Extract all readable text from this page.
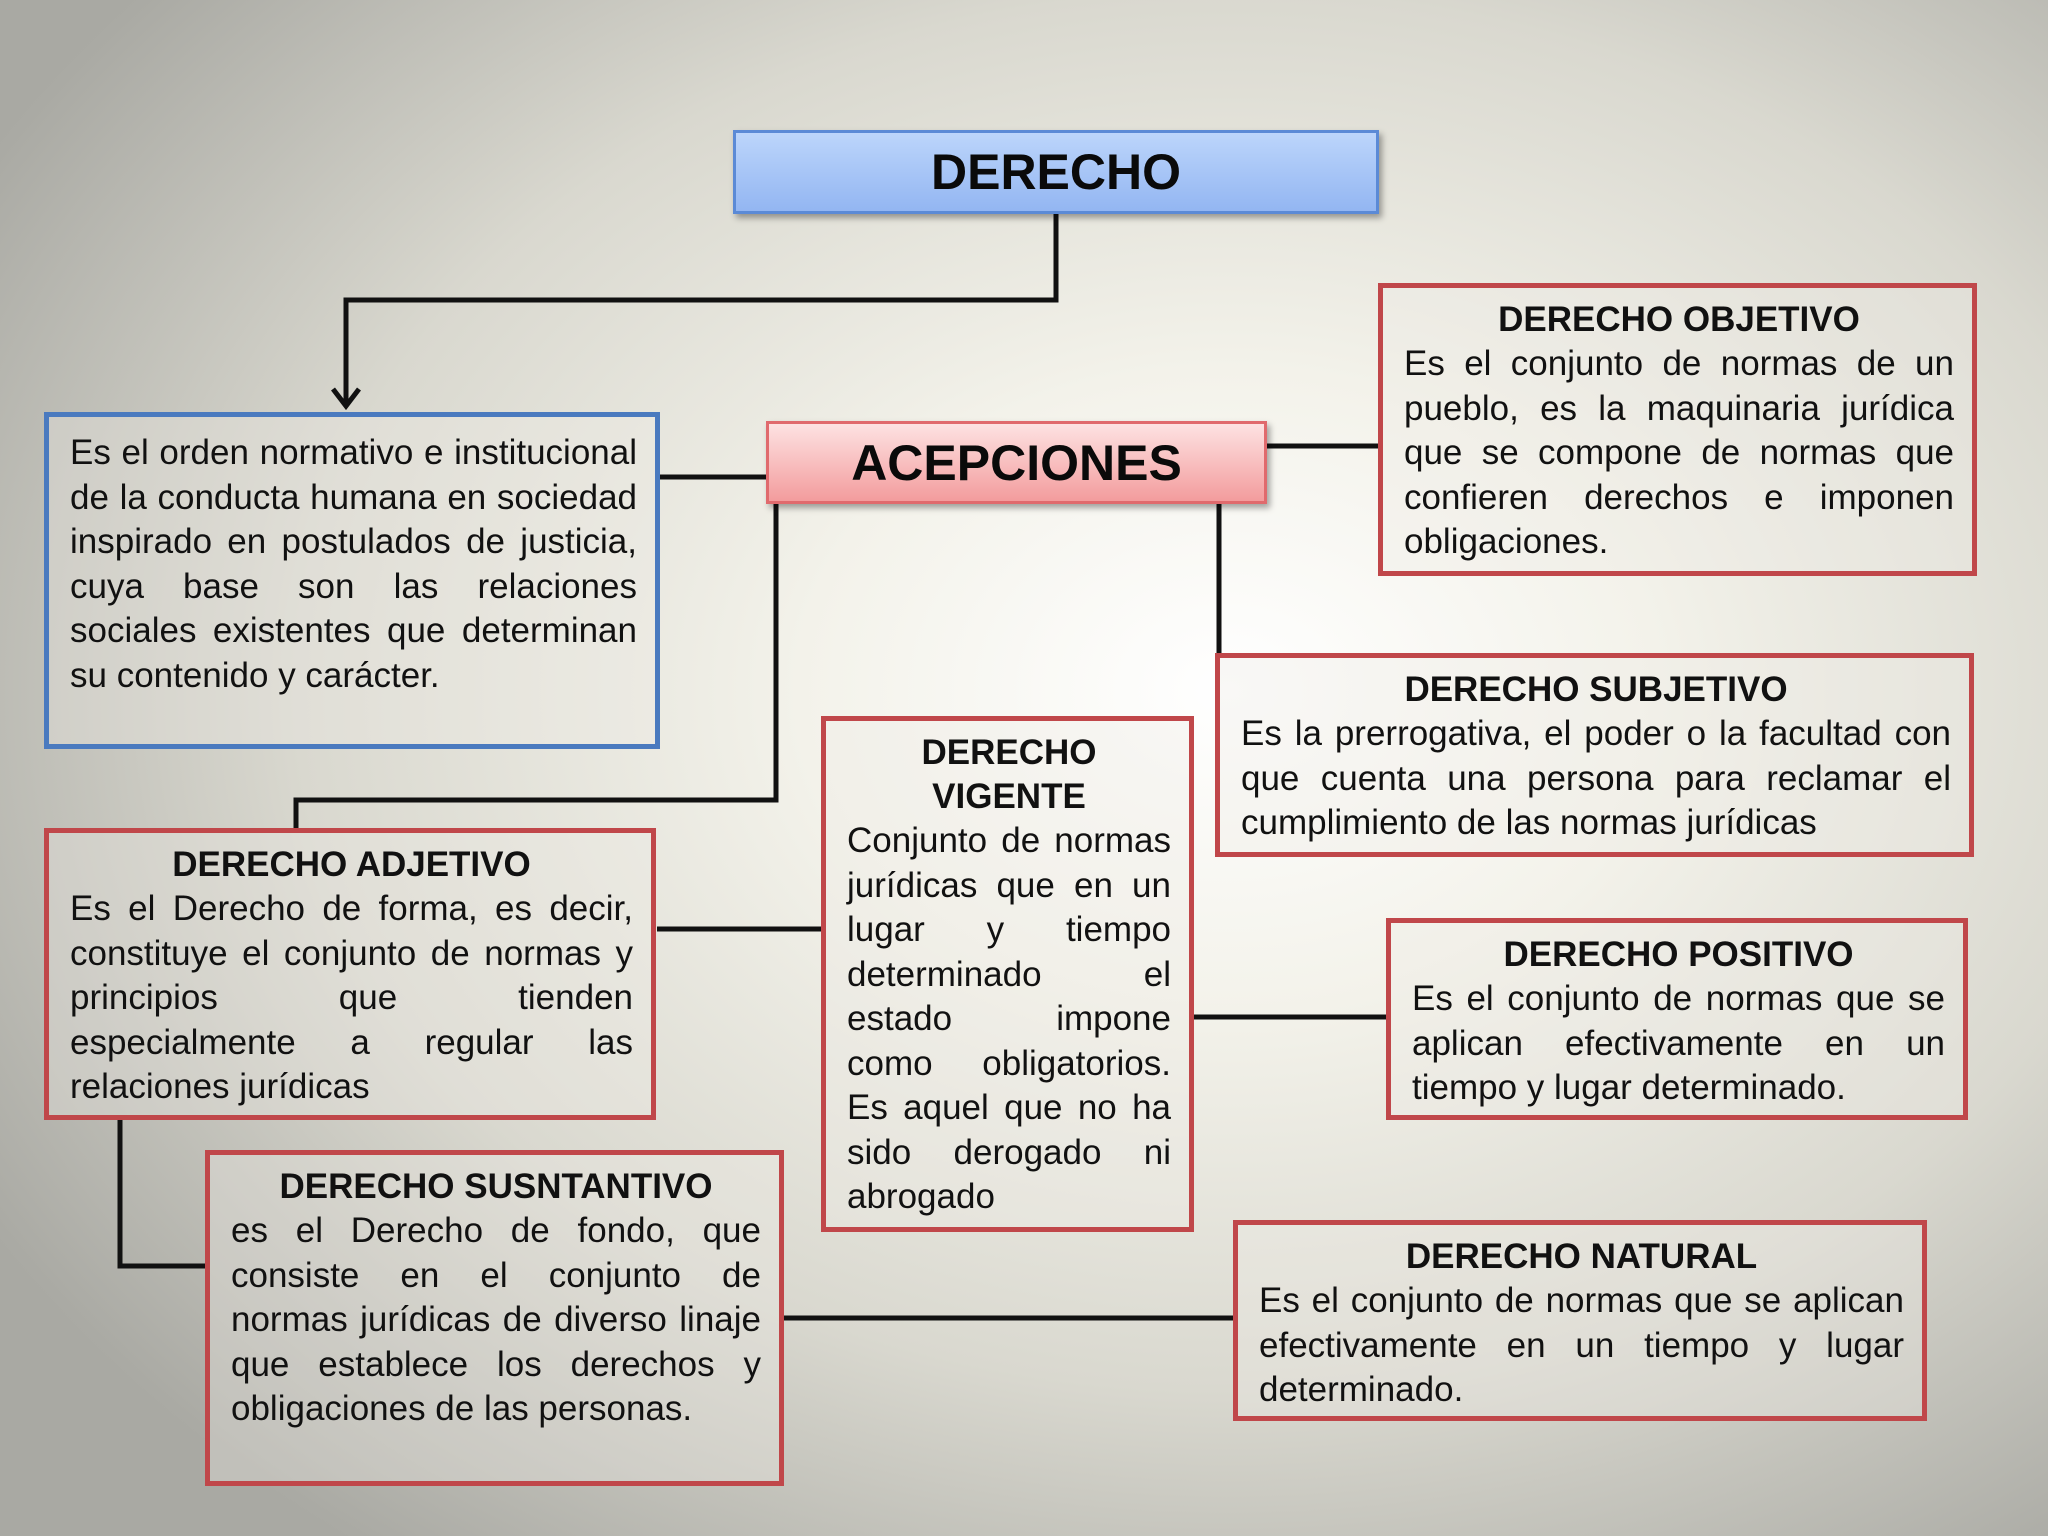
DERECHO
ACEPCIONES
Es el orden normativo e institucional de la conducta humana en sociedad inspirado en postulados de justicia, cuya base son las relaciones sociales existentes que determinan su contenido y carácter.
DERECHO OBJETIVO
Es el conjunto de normas de un pueblo, es la maquinaria jurídica que se compone de normas que confieren derechos e imponen obligaciones.
DERECHO SUBJETIVO
Es la prerrogativa, el poder o la facultad con que cuenta una persona para reclamar el cumplimiento de las normas jurídicas
DERECHO
VIGENTE
Conjunto de normas jurídicas que en un lugar y tiempo determinado el estado impone como obligatorios. Es aquel que no ha sido derogado ni abrogado
DERECHO ADJETIVO
Es el Derecho de forma, es decir, constituye el conjunto de normas y principios que tienden especialmente a regular las relaciones jurídicas
DERECHO POSITIVO
Es el conjunto de normas que se aplican efectivamente en un tiempo y lugar determinado.
DERECHO SUSNTANTIVO
es el Derecho de fondo, que consiste en el conjunto de normas jurídicas de diverso linaje que establece los derechos y obligaciones de las personas.
DERECHO NATURAL
Es el conjunto de normas que se aplican efectivamente en un tiempo y lugar determinado.
